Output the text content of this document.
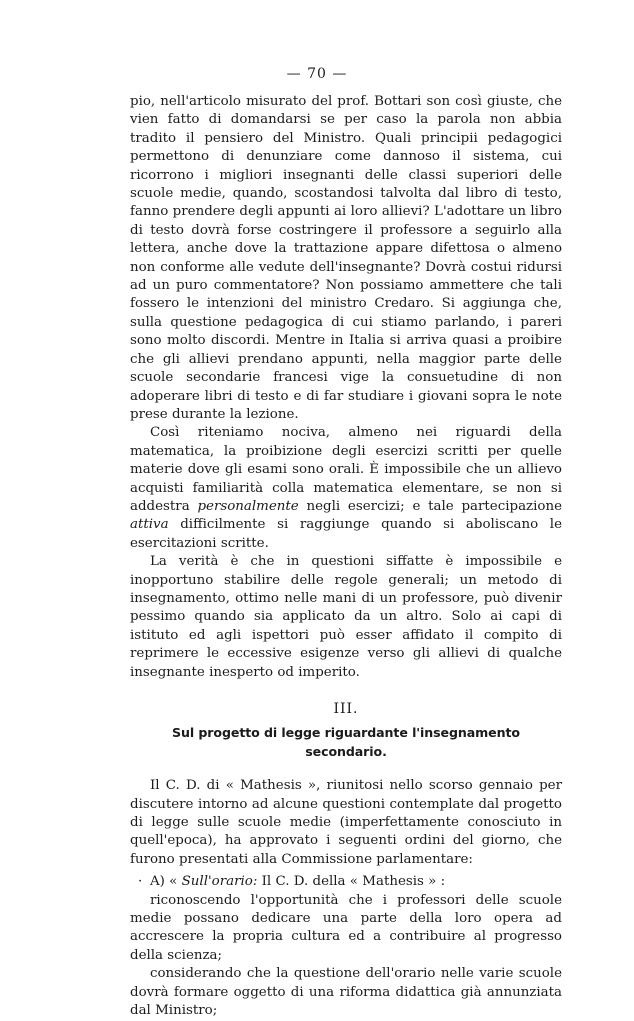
— 70 —

pio, nell'articolo misurato del prof. Bottari son così giuste, che vien fatto di domandarsi se per caso la parola non abbia tradito il pensiero del Ministro. Quali principii pedagogici permettono di denunziare come dannoso il sistema, cui ricorrono i migliori insegnanti delle classi superiori delle scuole medie, quando, scostandosi talvolta dal libro di testo, fanno prendere degli appunti ai loro allievi? L'adottare un libro di testo dovrà forse costringere il professore a seguirlo alla lettera, anche dove la trattazione appare difettosa o almeno non conforme alle vedute dell'insegnante? Dovrà costui ridursi ad un puro commentatore? Non possiamo ammettere che tali fossero le intenzioni del ministro Credaro. Si aggiunga che, sulla questione pedagogica di cui stiamo parlando, i pareri sono molto discordi. Mentre in Italia si arriva quasi a proibire che gli allievi prendano appunti, nella maggior parte delle scuole secondarie francesi vige la consuetudine di non adoperare libri di testo e di far studiare i giovani sopra le note prese durante la lezione.

Così riteniamo nociva, almeno nei riguardi della matematica, la proibizione degli esercizi scritti per quelle materie dove gli esami sono orali. È impossibile che un allievo acquisti familiarità colla matematica elementare, se non si addestra personalmente negli esercizi; e tale partecipazione attiva difficilmente si raggiunge quando si aboliscano le esercitazioni scritte.

La verità è che in questioni siffatte è impossibile e inopportuno stabilire delle regole generali; un metodo di insegnamento, ottimo nelle mani di un professore, può divenir pessimo quando sia applicato da un altro. Solo ai capi di istituto ed agli ispettori può esser affidato il compito di reprimere le eccessive esigenze verso gli allievi di qualche insegnante inesperto od imperito.

III.
Sul progetto di legge riguardante l'insegnamento secondario.

Il C. D. di « Mathesis », riunitosi nello scorso gennaio per discutere intorno ad alcune questioni contemplate dal progetto di legge sulle scuole medie (imperfettamente conosciuto in quell'epoca), ha approvato i seguenti ordini del giorno, che furono presentati alla Commissione parlamentare:

· A) « Sull'orario: Il C. D. della « Mathesis » :

riconoscendo l'opportunità che i professori delle scuole medie possano dedicare una parte della loro opera ad accrescere la propria cultura ed a contribuire al progresso della scienza;

considerando che la questione dell'orario nelle varie scuole dovrà formare oggetto di una riforma didattica già annunziata dal Ministro;
